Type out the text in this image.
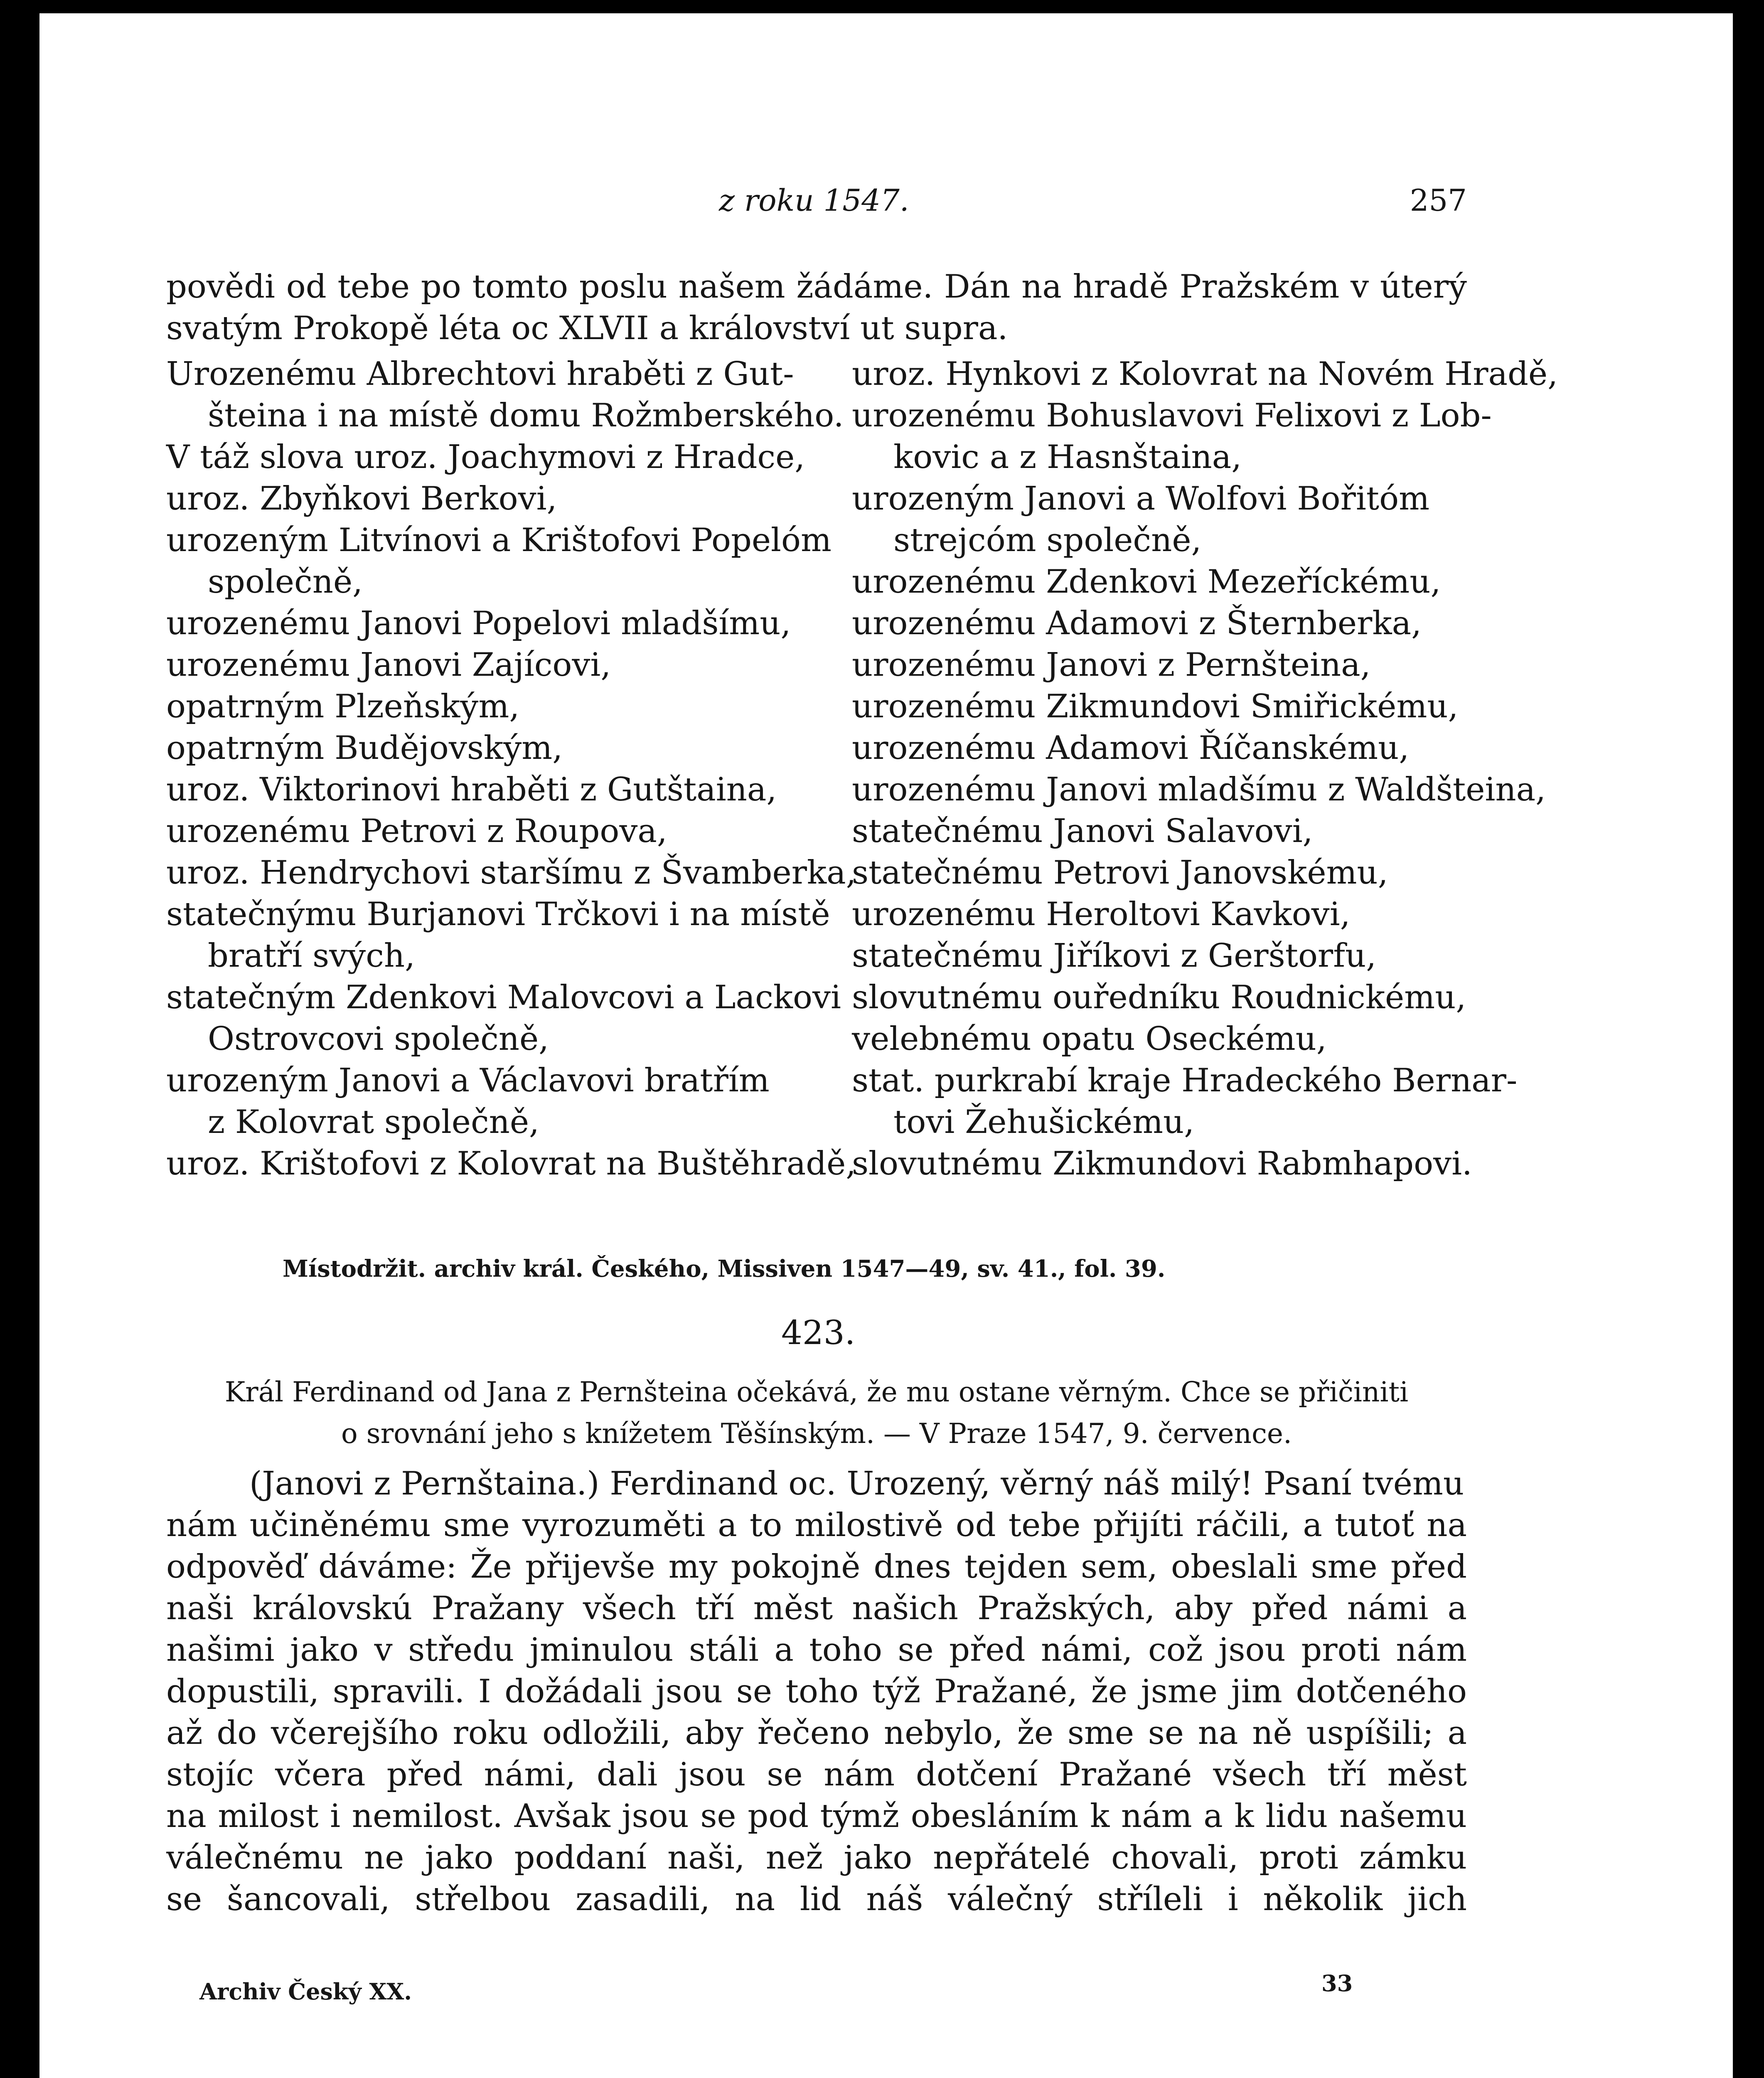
z roku 1547.	257
povědi od tebe po tomto poslu našem žádáme. Dán na hradě Pražském v úterý
svatým Prokopě léta oc XLVII a království ut supra.
Urozenému Albrechtovi hraběti z Gut-
šteina i na místě domu Rožmberského.
V táž slova uroz. Joachymovi z Hradce,
uroz. Zbyňkovi Berkovi,
urozeným Litvínovi a Krištofovi Popelóm
společně,
urozenému Janovi Popelovi mladšímu,
urozenému Janovi Zajícovi,
opatrným Plzeňským,
opatrným Budějovským,
uroz. Viktorinovi hraběti z Gutštaina,
urozenému Petrovi z Roupova,
uroz. Hendrychovi staršímu z Švamberka,
statečnýmu Burjanovi Trčkovi i na místě
bratří svých,
statečným Zdenkovi Malovcovi a Lackovi
Ostrovcovi společně,
urozeným Janovi a Václavovi bratřím
z Kolovrat společně,
uroz. Krištofovi z Kolovrat na Buštěhradě,
uroz. Hynkovi z Kolovrat na Novém Hradě,
urozenému Bohuslavovi Felixovi z Lob-
kovic a z Hasnštaina,
urozeným Janovi a Wolfovi Bořitóm
strejcóm společně,
urozenému Zdenkovi Mezeříckému,
urozenému Adamovi z Šternberka,
urozenému Janovi z Pernšteina,
urozenému Zikmundovi Smiřickému,
urozenému Adamovi Říčanskému,
urozenému Janovi mladšímu z Waldšteina,
statečnému Janovi Salavovi,
statečnému Petrovi Janovskému,
urozenému Heroltovi Kavkovi,
statečnému Jiříkovi z Gerštorfu,
slovutnému ouředníku Roudnickému,
velebnému opatu Oseckému,
stat. purkrabí kraje Hradeckého Bernar-
tovi Žehušickému,
slovutnému Zikmundovi Rabmhapovi.
Místodržit. archiv král. Českého, Missiven 1547—49, sv. 41., fol. 39.
423.
Král Ferdinand od Jana z Pernšteina očekává, že mu ostane věrným. Chce se přičiniti
o srovnání jeho s knížetem Těšínským. — V Praze 1547, 9. července.
(Janovi z Pernštaina.) Ferdinand oc. Urozený, věrný náš milý! Psaní tvému
nám učiněnému sme vyrozuměti a to milostivě od tebe přijíti ráčili, a tutoť na
odpověď dáváme: Že přijevše my pokojně dnes tejden sem, obeslali sme před
naši královskú Pražany všech tří měst našich Pražských, aby před námi a
našimi jako v středu jminulou stáli a toho se před námi, což jsou proti nám
dopustili, spravili. I dožádali jsou se toho týž Pražané, že jsme jim dotčeného
až do včerejšího roku odložili, aby řečeno nebylo, že sme se na ně uspíšili; a
stojíc včera před námi, dali jsou se nám dotčení Pražané všech tří měst
na milost i nemilost. Avšak jsou se pod týmž obesláním k nám a k lidu našemu
válečnému ne jako poddaní naši, než jako nepřátelé chovali, proti zámku
se šancovali, střelbou zasadili, na lid náš válečný stříleli i několik jich
Archiv Český XX.	33
